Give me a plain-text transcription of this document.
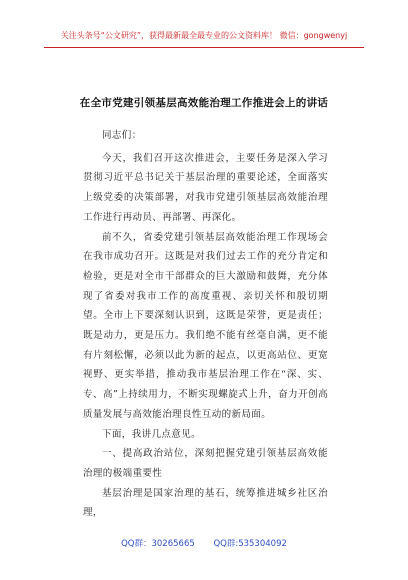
关注头条号“公文研究”，获得最新最全最专业的公文资料库！ 微信：gongwenyj
在全市党建引领基层高效能治理工作推进会上的讲话

同志们：

今天，我们召开这次推进会，主要任务是深入学习贯彻习近平总书记关于基层治理的重要论述，全面落实上级党委的决策部署，对我市党建引领基层高效能治理工作进行再动员、再部署、再深化。

前不久，省委党建引领基层高效能治理工作现场会在我市成功召开。这既是对我们过去工作的充分肯定和检验，更是对全市干部群众的巨大激励和鼓舞，充分体现了省委对我市工作的高度重视、亲切关怀和殷切期望。全市上下要深刻认识到，这既是荣誉，更是责任；既是动力，更是压力。我们绝不能有丝毫自满，更不能有片刻松懈，必须以此为新的起点，以更高站位、更宽视野、更实举措，推动我市基层治理工作在“深、实、专、高”上持续用力，不断实现螺旋式上升，奋力开创高质量发展与高效能治理良性互动的新局面。

下面，我讲几点意见。

一、提高政治站位，深刻把握党建引领基层高效能治理的极端重要性

基层治理是国家治理的基石，统筹推进城乡社区治理，

QQ群：30265665 QQ群:535304092
